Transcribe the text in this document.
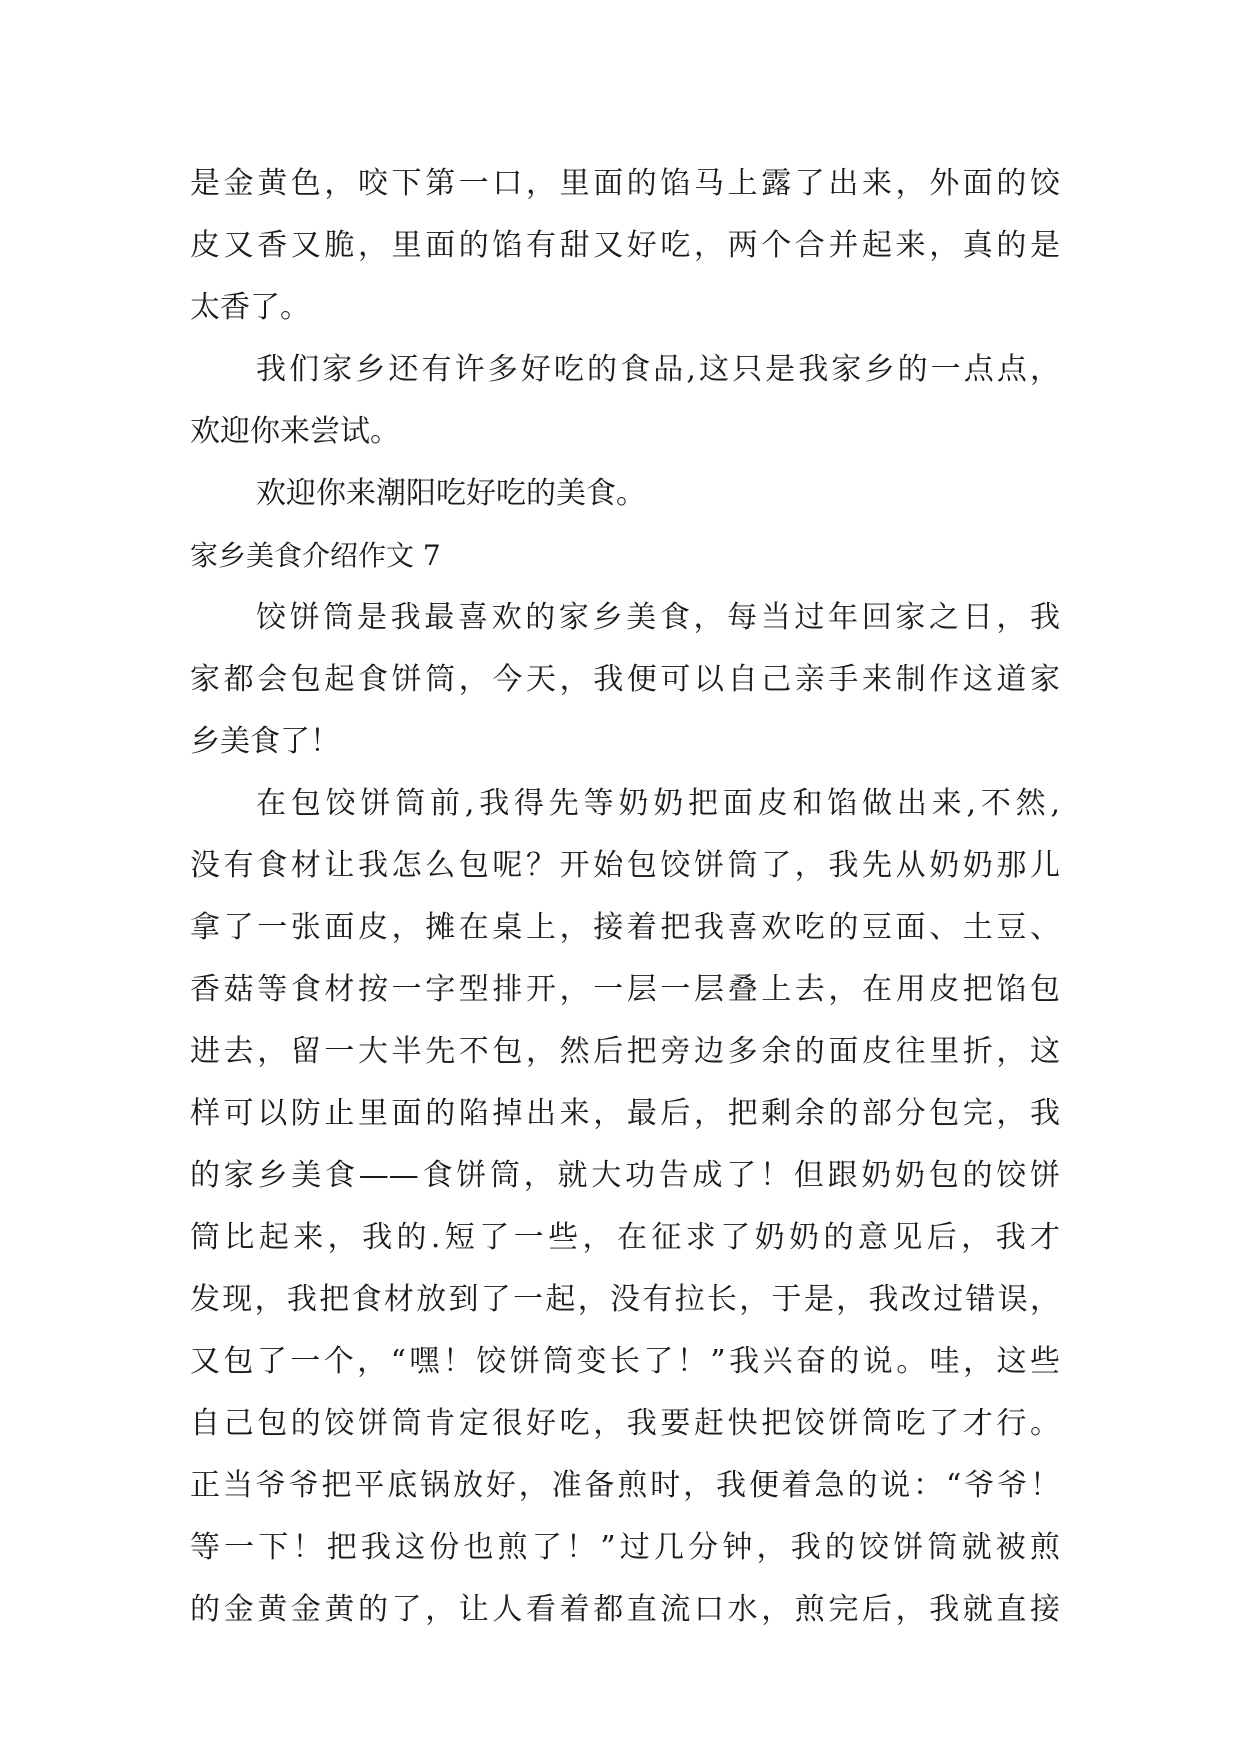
是金黄色，咬下第一口，里面的馅马上露了出来，外面的饺
皮又香又脆，里面的馅有甜又好吃，两个合并起来，真的是
太香了。
我们家乡还有许多好吃的食品,这只是我家乡的一点点，
欢迎你来尝试。
欢迎你来潮阳吃好吃的美食。
家乡美食介绍作文 7
饺饼筒是我最喜欢的家乡美食，每当过年回家之日，我
家都会包起食饼筒，今天，我便可以自己亲手来制作这道家
乡美食了！
在包饺饼筒前,我得先等奶奶把面皮和馅做出来,不然,
没有食材让我怎么包呢？开始包饺饼筒了，我先从奶奶那儿
拿了一张面皮，摊在桌上，接着把我喜欢吃的豆面、土豆、
香菇等食材按一字型排开，一层一层叠上去，在用皮把馅包
进去，留一大半先不包，然后把旁边多余的面皮往里折，这
样可以防止里面的陷掉出来，最后，把剩余的部分包完，我
的家乡美食——食饼筒，就大功告成了！但跟奶奶包的饺饼
筒比起来，我的.短了一些，在征求了奶奶的意见后，我才
发现，我把食材放到了一起，没有拉长，于是，我改过错误，
又包了一个，“嘿！饺饼筒变长了！”我兴奋的说。哇，这些
自己包的饺饼筒肯定很好吃，我要赶快把饺饼筒吃了才行。
正当爷爷把平底锅放好，准备煎时，我便着急的说：“爷爷！
等一下！把我这份也煎了！”过几分钟，我的饺饼筒就被煎
的金黄金黄的了，让人看着都直流口水，煎完后，我就直接
